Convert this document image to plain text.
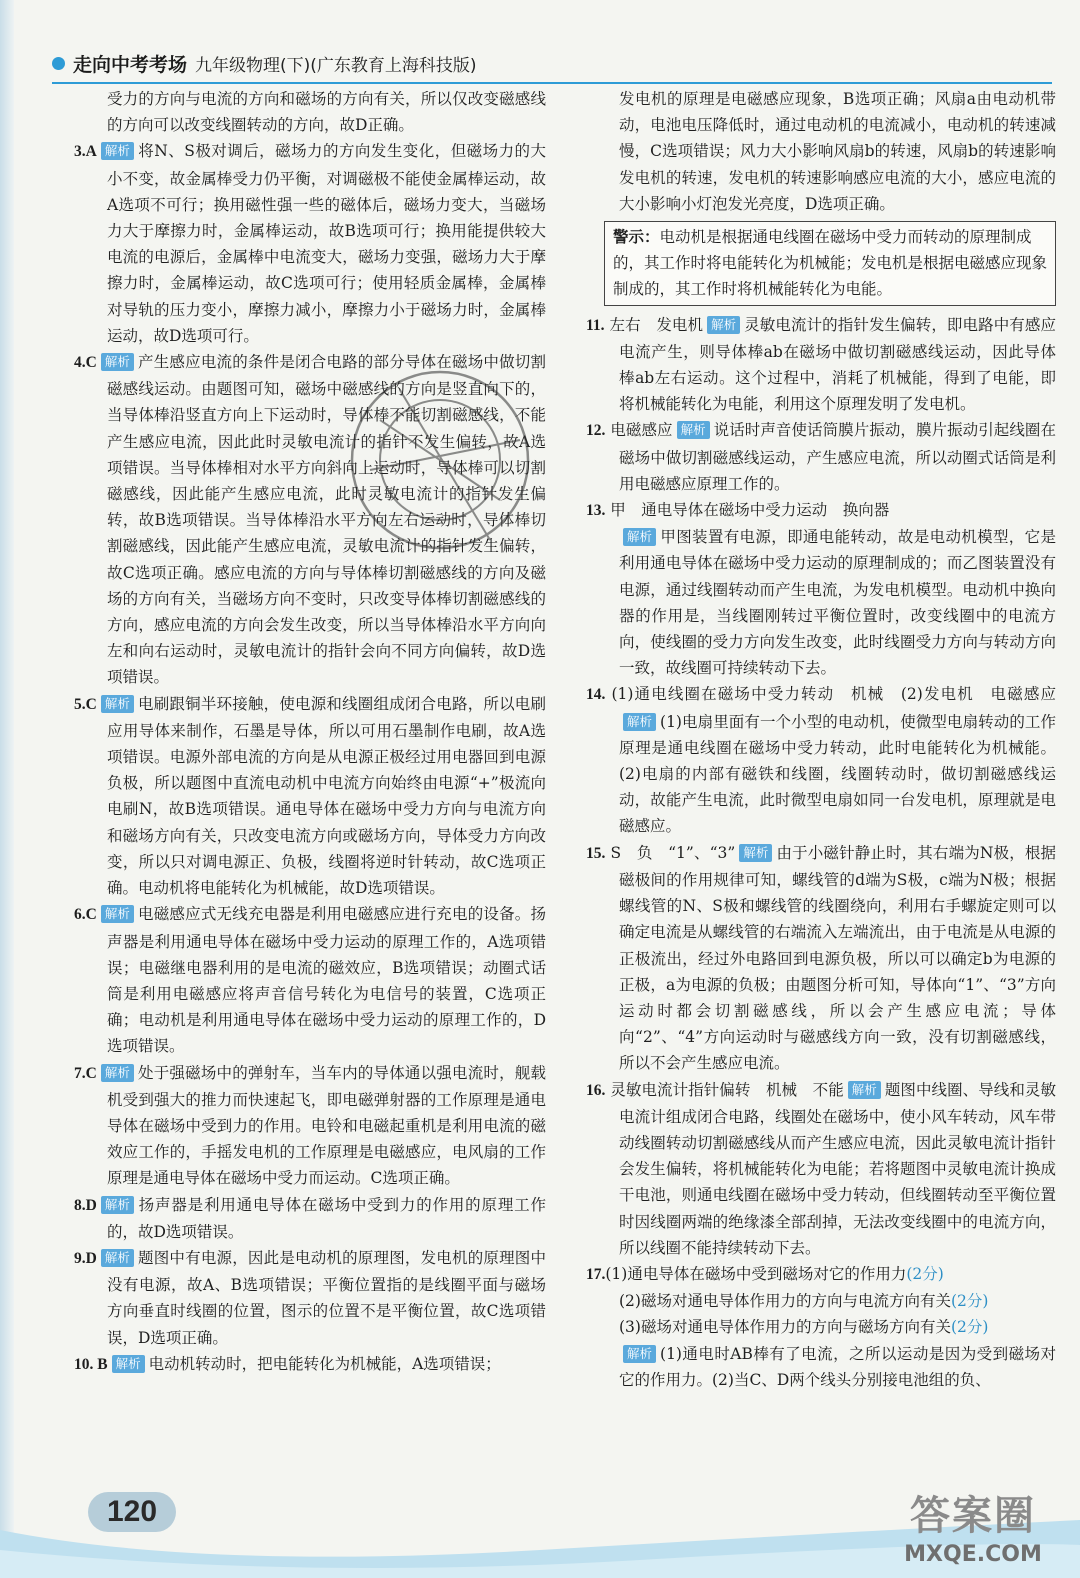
走向中考考场 九年级物理(下)(广东教育上海科技版)

受力的方向与电流的方向和磁场的方向有关，所以仅改变磁感线的方向可以改变线圈转动的方向，故D正确。

3.A 解析 将N、S极对调后，磁场力的方向发生变化，但磁场力的大小不变，故金属棒受力仍平衡，对调磁极不能使金属棒运动，故A选项不可行；换用磁性强一些的磁体后，磁场力变大，当磁场力大于摩擦力时，金属棒运动，故B选项可行；换用能提供较大电流的电源后，金属棒中电流变大，磁场力变强，磁场力大于摩擦力时，金属棒运动，故C选项可行；使用轻质金属棒，金属棒对导轨的压力变小，摩擦力减小，摩擦力小于磁场力时，金属棒运动，故D选项可行。

4.C 解析 产生感应电流的条件是闭合电路的部分导体在磁场中做切割磁感线运动。由题图可知，磁场中磁感线的方向是竖直向下的，当导体棒沿竖直方向上下运动时，导体棒不能切割磁感线，不能产生感应电流，因此此时灵敏电流计的指针不发生偏转，故A选项错误。当导体棒相对水平方向斜向上运动时，导体棒可以切割磁感线，因此能产生感应电流，此时灵敏电流计的指针发生偏转，故B选项错误。当导体棒沿水平方向左右运动时，导体棒切割磁感线，因此能产生感应电流，灵敏电流计的指针发生偏转，故C选项正确。感应电流的方向与导体棒切割磁感线的方向及磁场的方向有关，当磁场方向不变时，只改变导体棒切割磁感线的方向，感应电流的方向会发生改变，所以当导体棒沿水平方向向左和向右运动时，灵敏电流计的指针会向不同方向偏转，故D选项错误。

5.C 解析 电刷跟铜半环接触，使电源和线圈组成闭合电路，所以电刷应用导体来制作，石墨是导体，所以可用石墨制作电刷，故A选项错误。电源外部电流的方向是从电源正极经过用电器回到电源负极，所以题图中直流电动机中电流方向始终由电源“+”极流向电刷N，故B选项错误。通电导体在磁场中受力方向与电流方向和磁场方向有关，只改变电流方向或磁场方向，导体受力方向改变，所以只对调电源正、负极，线圈将逆时针转动，故C选项正确。电动机将电能转化为机械能，故D选项错误。

6.C 解析 电磁感应式无线充电器是利用电磁感应进行充电的设备。扬声器是利用通电导体在磁场中受力运动的原理工作的，A选项错误；电磁继电器利用的是电流的磁效应，B选项错误；动圈式话筒是利用电磁感应将声音信号转化为电信号的装置，C选项正确；电动机是利用通电导体在磁场中受力运动的原理工作的，D选项错误。

7.C 解析 处于强磁场中的弹射车，当车内的导体通以强电流时，舰载机受到强大的推力而快速起飞，即电磁弹射器的工作原理是通电导体在磁场中受到力的作用。电铃和电磁起重机是利用电流的磁效应工作的，手摇发电机的工作原理是电磁感应，电风扇的工作原理是通电导体在磁场中受力而运动。C选项正确。

8.D 解析 扬声器是利用通电导体在磁场中受到力的作用的原理工作的，故D选项错误。

9.D 解析 题图中有电源，因此是电动机的原理图，发电机的原理图中没有电源，故A、B选项错误；平衡位置指的是线圈平面与磁场方向垂直时线圈的位置，图示的位置不是平衡位置，故C选项错误，D选项正确。

10. B 解析 电动机转动时，把电能转化为机械能，A选项错误；

发电机的原理是电磁感应现象，B选项正确；风扇a由电动机带动，电池电压降低时，通过电动机的电流减小，电动机的转速减慢，C选项错误；风力大小影响风扇b的转速，风扇b的转速影响发电机的转速，发电机的转速影响感应电流的大小，感应电流的大小影响小灯泡发光亮度，D选项正确。

警示：电动机是根据通电线圈在磁场中受力而转动的原理制成的，其工作时将电能转化为机械能；发电机是根据电磁感应现象制成的，其工作时将机械能转化为电能。

11. 左右　发电机 解析 灵敏电流计的指针发生偏转，即电路中有感应电流产生，则导体棒ab在磁场中做切割磁感线运动，因此导体棒ab左右运动。这个过程中，消耗了机械能，得到了电能，即将机械能转化为电能，利用这个原理发明了发电机。

12. 电磁感应 解析 说话时声音使话筒膜片振动，膜片振动引起线圈在磁场中做切割磁感线运动，产生感应电流，所以动圈式话筒是利用电磁感应原理工作的。

13. 甲　通电导体在磁场中受力运动　换向器

解析 甲图装置有电源，即通电能转动，故是电动机模型，它是利用通电导体在磁场中受力运动的原理制成的；而乙图装置没有电源，通过线圈转动而产生电流，为发电机模型。电动机中换向器的作用是，当线圈刚转过平衡位置时，改变线圈中的电流方向，使线圈的受力方向发生改变，此时线圈受力方向与转动方向一致，故线圈可持续转动下去。

14. (1)通电线圈在磁场中受力转动　机械　(2)发电机　电磁感应解析 (1)电扇里面有一个小型的电动机，使微型电扇转动的工作原理是通电线圈在磁场中受力转动，此时电能转化为机械能。(2)电扇的内部有磁铁和线圈，线圈转动时，做切割磁感线运动，故能产生电流，此时微型电扇如同一台发电机，原理就是电磁感应。

15. S　负　“1”、“3” 解析 由于小磁针静止时，其右端为N极，根据磁极间的作用规律可知，螺线管的d端为S极，c端为N极；根据螺线管的N、S极和螺线管的线圈绕向，利用右手螺旋定则可以确定电流是从螺线管的右端流入左端流出，由于电流是从电源的正极流出，经过外电路回到电源负极，所以可以确定b为电源的正极，a为电源的负极；由题图分析可知，导体向“1”、“3”方向运动时都会切割磁感线，所以会产生感应电流；导体向“2”、“4”方向运动时与磁感线方向一致，没有切割磁感线，所以不会产生感应电流。

16. 灵敏电流计指针偏转　机械　不能 解析 题图中线圈、导线和灵敏电流计组成闭合电路，线圈处在磁场中，使小风车转动，风车带动线圈转动切割磁感线从而产生感应电流，因此灵敏电流计指针会发生偏转，将机械能转化为电能；若将题图中灵敏电流计换成干电池，则通电线圈在磁场中受力转动，但线圈转动至平衡位置时因线圈两端的绝缘漆全部刮掉，无法改变线圈中的电流方向，所以线圈不能持续转动下去。

17.(1)通电导体在磁场中受到磁场对它的作用力(2分)

(2)磁场对通电导体作用力的方向与电流方向有关(2分)

(3)磁场对通电导体作用力的方向与磁场方向有关(2分)

解析 (1)通电时AB棒有了电流，之所以运动是因为受到磁场对它的作用力。(2)当C、D两个线头分别接电池组的负、

120	答案圈
MXQE.COM
